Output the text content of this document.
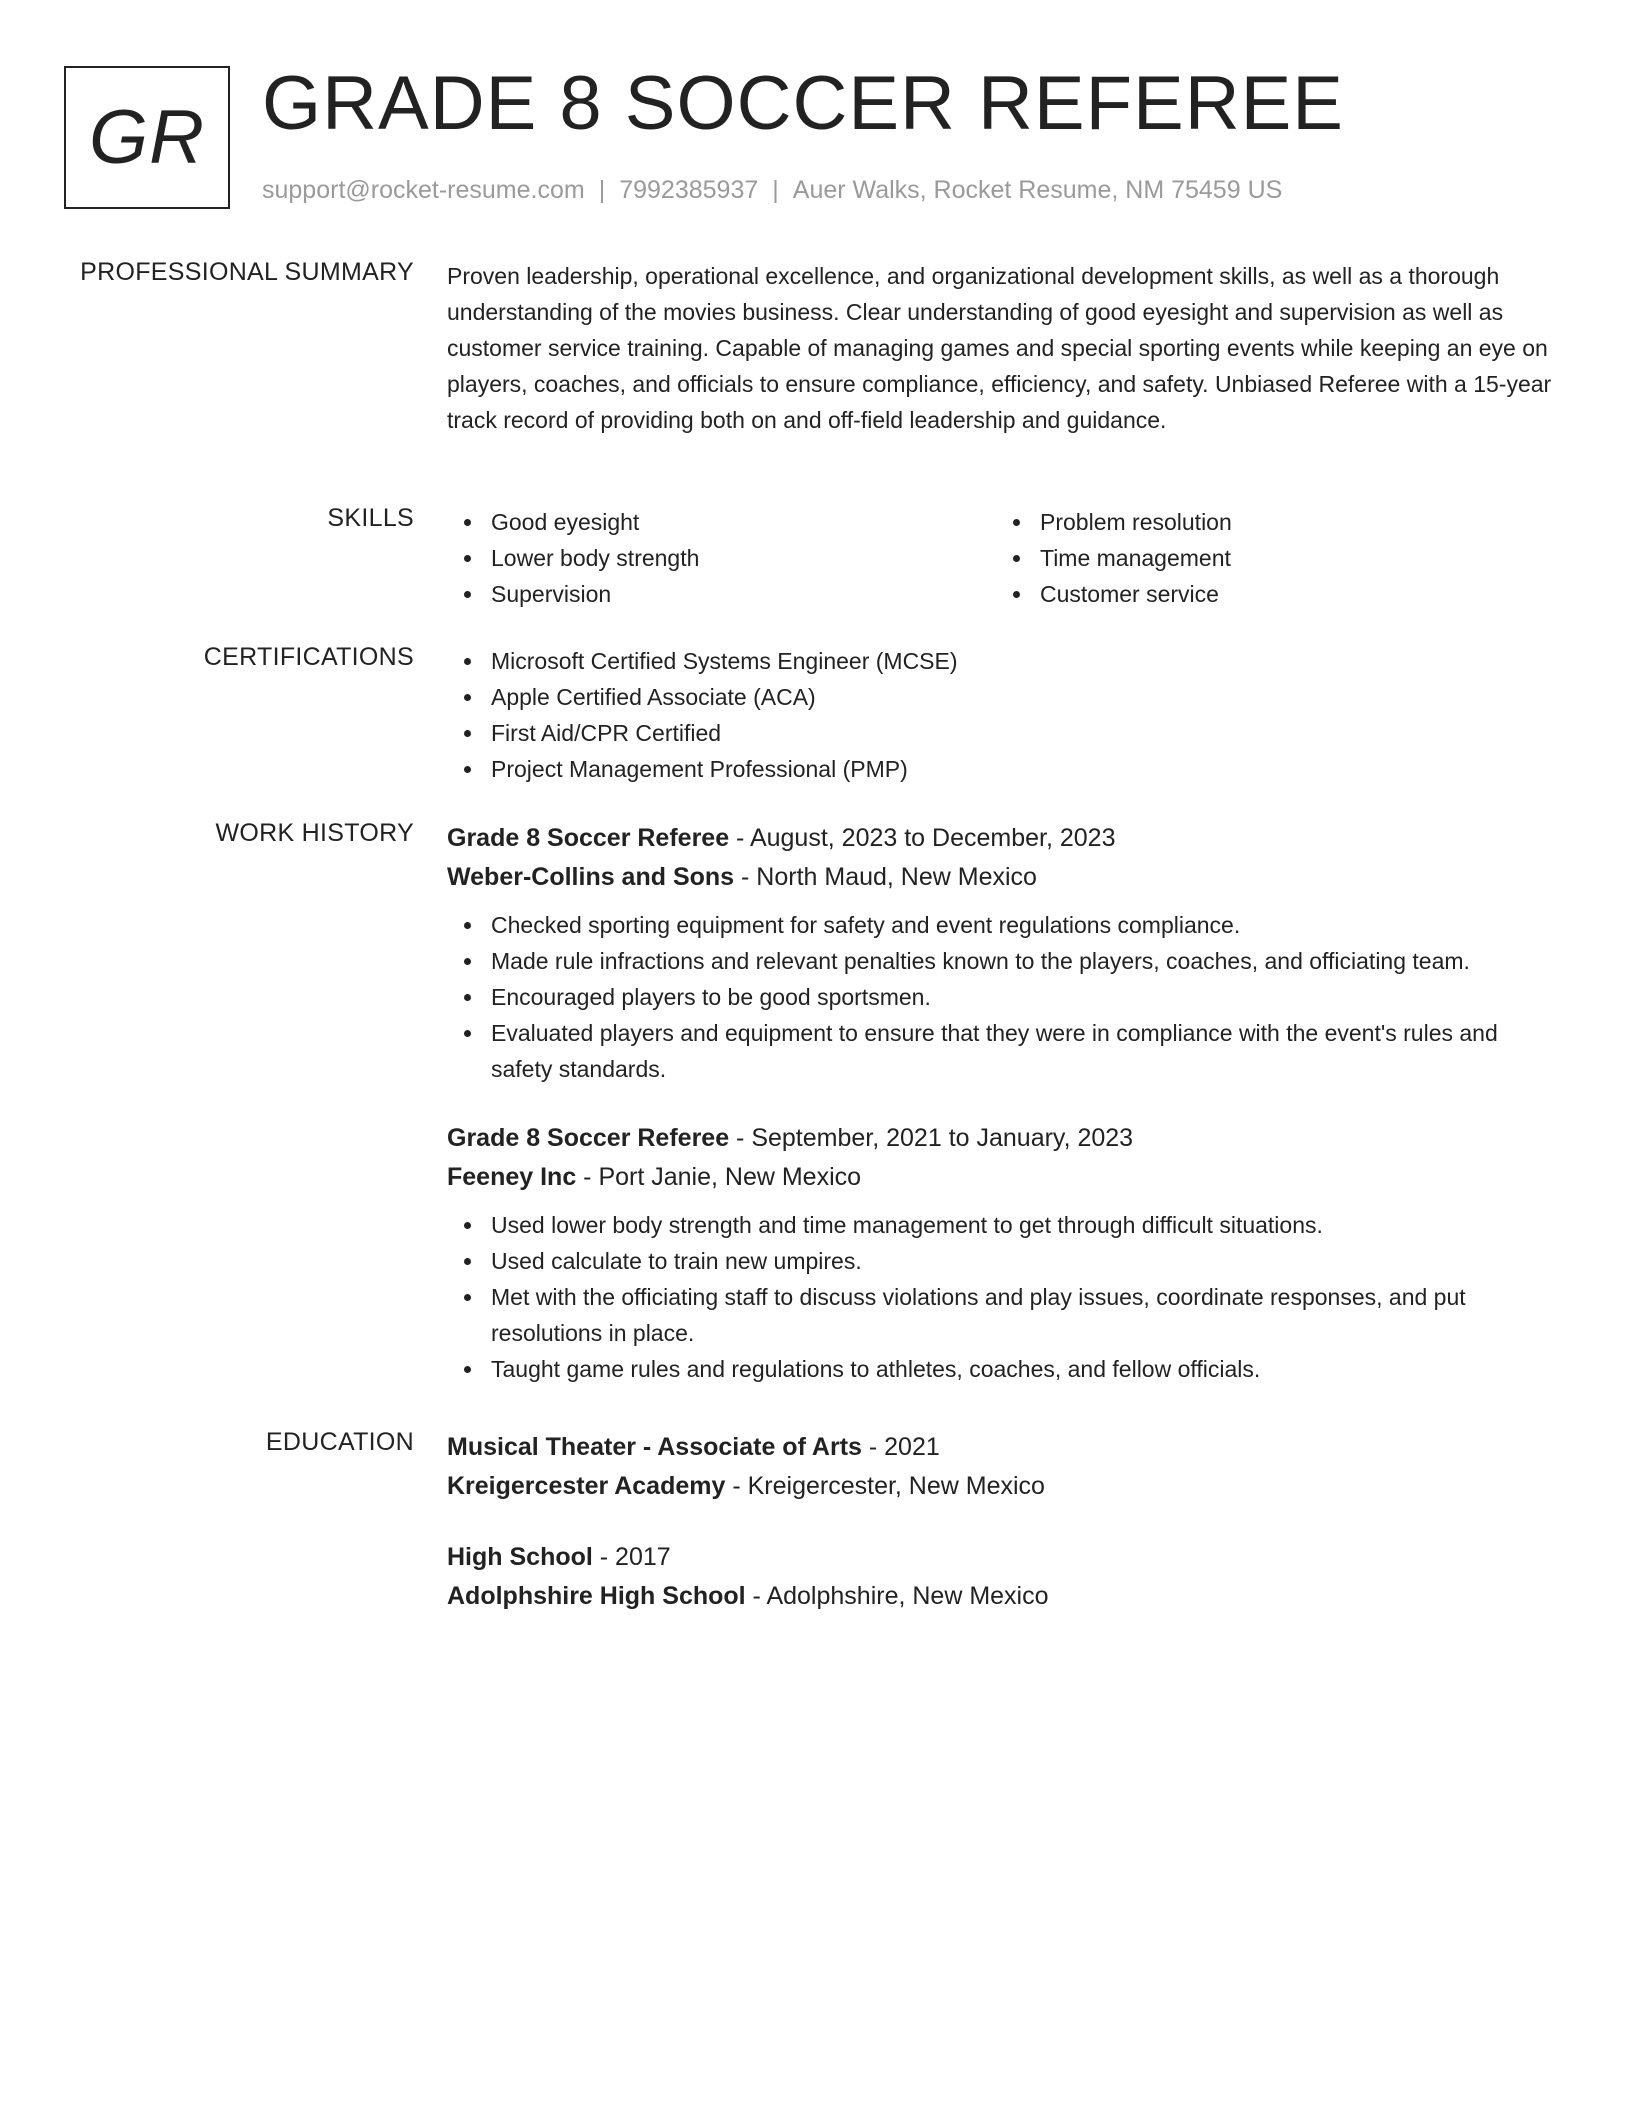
GR GRADE 8 SOCCER REFEREE
support@rocket-resume.com | 7992385937 | Auer Walks, Rocket Resume, NM 75459 US
PROFESSIONAL SUMMARY Proven leadership, operational excellence, and organizational development skills, as well as a thorough understanding of the movies business. Clear understanding of good eyesight and supervision as well as customer service training. Capable of managing games and special sporting events while keeping an eye on players, coaches, and officials to ensure compliance, efficiency, and safety. Unbiased Referee with a 15-year track record of providing both on and off-field leadership and guidance.
SKILLS	Good eyesight
Lower body strength
Supervision
Problem resolution
Time management
Customer service
CERTIFICATIONS	Microsoft Certified Systems Engineer (MCSE)
Apple Certified Associate (ACA)
First Aid/CPR Certified
Project Management Professional (PMP)
WORK HISTORY Grade 8 Soccer Referee - August, 2023 to December, 2023
Weber-Collins and Sons - North Maud, New Mexico
Checked sporting equipment for safety and event regulations compliance.
Made rule infractions and relevant penalties known to the players, coaches, and officiating team.
Encouraged players to be good sportsmen.
Evaluated players and equipment to ensure that they were in compliance with the event's rules and safety standards.
Grade 8 Soccer Referee - September, 2021 to January, 2023
Feeney Inc - Port Janie, New Mexico
Used lower body strength and time management to get through difficult situations.
Used calculate to train new umpires.
Met with the officiating staff to discuss violations and play issues, coordinate responses, and put resolutions in place.
Taught game rules and regulations to athletes, coaches, and fellow officials.
EDUCATION Musical Theater - Associate of Arts - 2021
Kreigercester Academy - Kreigercester, New Mexico
High School - 2017
Adolphshire High School - Adolphshire, New Mexico
